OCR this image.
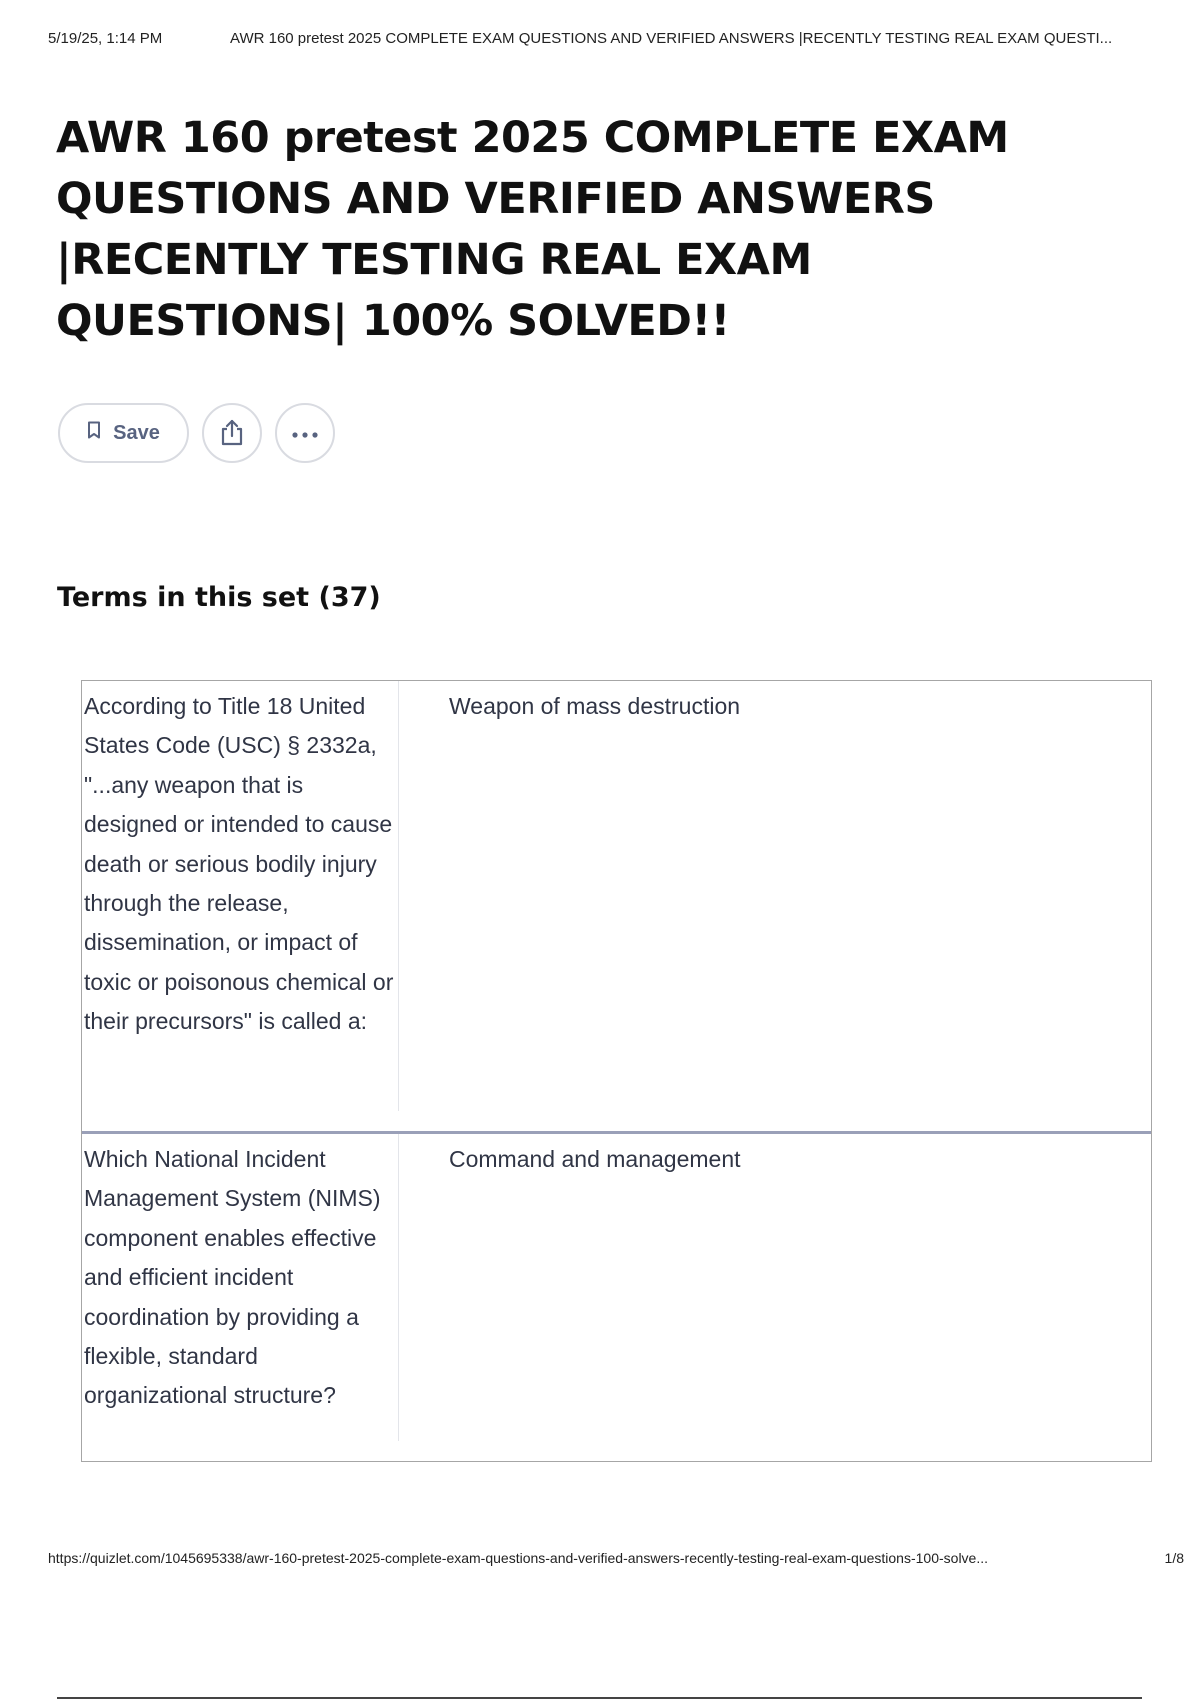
5/19/25, 1:14 PM	AWR 160 pretest 2025 COMPLETE EXAM QUESTIONS AND VERIFIED ANSWERS |RECENTLY TESTING REAL EXAM QUESTI...
AWR 160 pretest 2025 COMPLETE EXAM QUESTIONS AND VERIFIED ANSWERS |RECENTLY TESTING REAL EXAM QUESTIONS| 100% SOLVED!!
Save
Terms in this set (37)
According to Title 18 United States Code (USC) § 2332a, "...any weapon that is designed or intended to cause death or serious bodily injury through the release, dissemination, or impact of toxic or poisonous chemical or their precursors" is called a:
Weapon of mass destruction
Which National Incident Management System (NIMS) component enables effective and efficient incident coordination by providing a flexible, standard organizational structure?
Command and management
https://quizlet.com/1045695338/awr-160-pretest-2025-complete-exam-questions-and-verified-answers-recently-testing-real-exam-questions-100-solve...	1/8
